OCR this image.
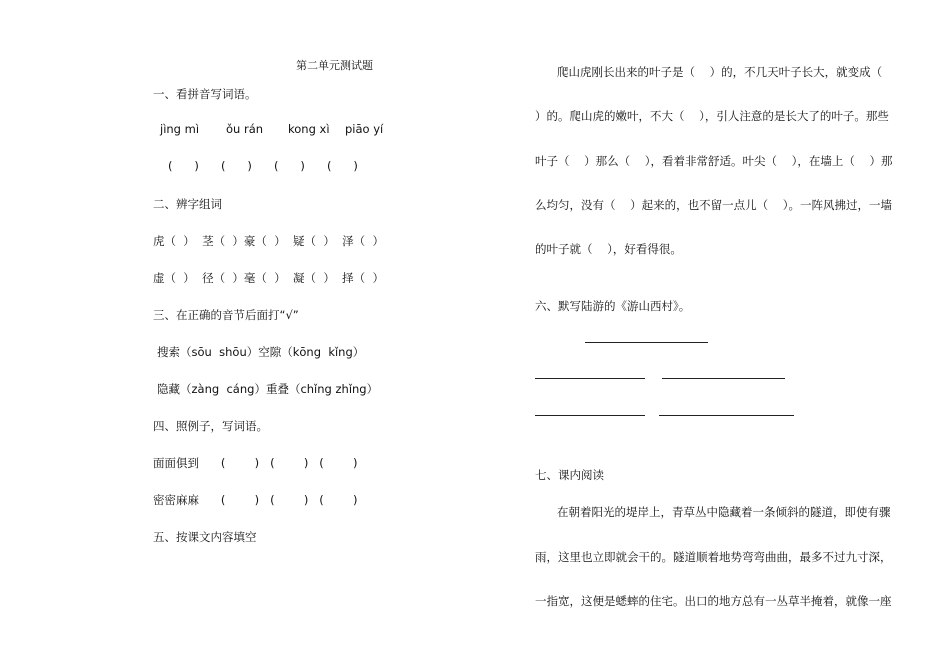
第二单元测试题
一、看拼音写词语。
jìng mì ǒu rán kong xì piāo yí
(      ) (      ) (      ) (      )
二、辨字组词
虎（  ）  茎（  ）豪（  ）  疑（  ）  泽（  ）
虚（  ）  径（  ）毫（  ）  凝（  ）  择（  ）
三、在正确的音节后面打“√”
搜索（sōu  shōu）空隙（kōng  kǐng）
隐藏（zàng  cáng）重叠（chǐng zhǐng）
四、照例子，写词语。
面面俱到      (        )   (        )   (        )
密密麻麻      (        )   (        )   (        )
五、按课文内容填空
爬山虎刚长出来的叶子是（    ）的，不几天叶子长大，就变成（
）的。爬山虎的嫩叶，不大（    ），引人注意的是长大了的叶子。那些
叶子（    ）那么（    ），看着非常舒适。叶尖（    ），在墙上（    ）那
么均匀，没有（    ）起来的，也不留一点儿（    ）。一阵风拂过，一墙
的叶子就（    ），好看得很。
六、默写陆游的《游山西村》。
七、课内阅读
在朝着阳光的堤岸上，青草丛中隐藏着一条倾斜的隧道，即使有骤
雨，这里也立即就会干的。隧道顺着地势弯弯曲曲，最多不过九寸深，
一指宽，这便是蟋蟀的住宅。出口的地方总有一丛草半掩着，就像一座
